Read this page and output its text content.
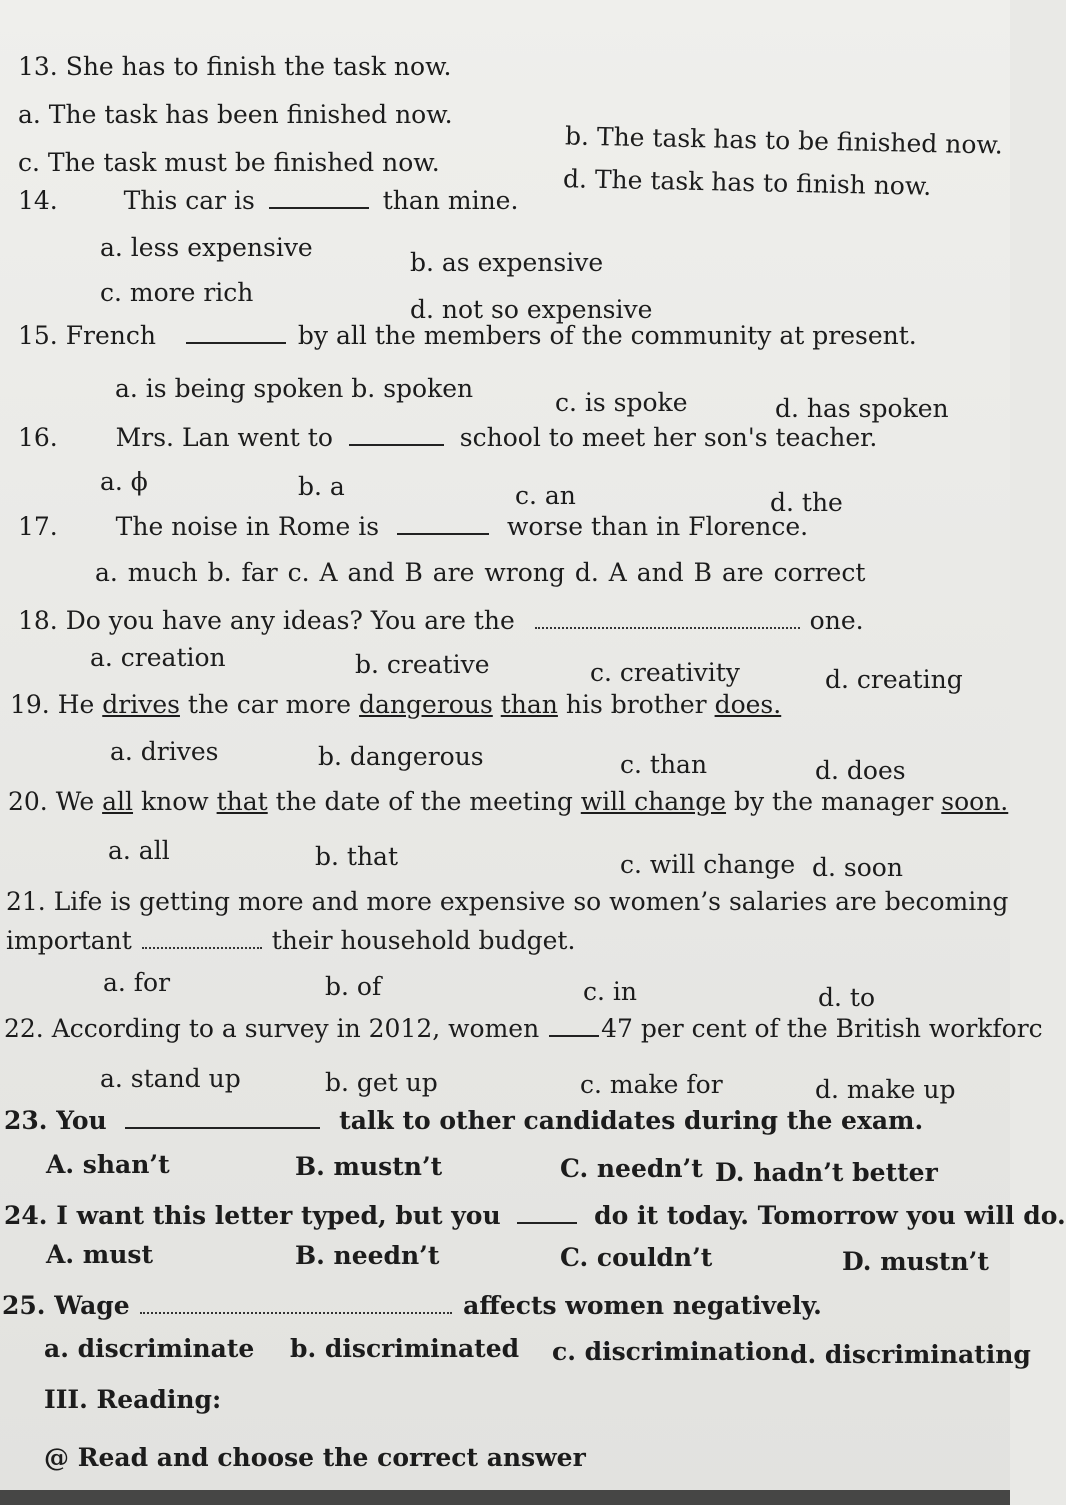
13. She has to finish the task now.
a. The task has been finished now.
b. The task has to be finished now.
c. The task must be finished now.
d. The task has to finish now.
14.	This car is	than mine.
a. less expensive
b. as expensive
c. more rich
d. not so expensive
15. French	by all the members of the community at present.
a. is being spoken b. spoken	c. is spoke	d. has spoken
16. Mrs. Lan went to	school to meet her son's teacher.
a. ϕ	b. a	c. an	d. the
17. The noise in Rome is	worse than in Florence.
a. much b. far c. A and B are wrong d. A and B are correct
18. Do you have any ideas? You are the	one.
a. creation	b. creative	c. creativity	d. creating
19. He drives the car more dangerous than his brother does.
a. drives	b. dangerous	c. than	d. does
20. We all know that the date of the meeting will change by the manager soon.
a. all	b. that	c. will change d. soon
21. Life is getting more and more expensive so women’s salaries are becoming
important	their household budget.
a. for	b. of	c. in	d. to
22. According to a survey in 2012, women 47 per cent of the British workforc
a. stand up	b. get up	c. make for	d. make up
23. You	talk to other candidates during the exam.
A. shan’t	B. mustn’t	C. needn’t D. hadn’t better
24. I want this letter typed, but you	do it today. Tomorrow you will do.
A. must	B. needn’t	C. couldn’t	D. mustn’t
25. Wage	affects women negatively.
a. discriminate b. discriminated c. discrimination d. discriminating
III. Reading:
@ Read and choose the correct answer
